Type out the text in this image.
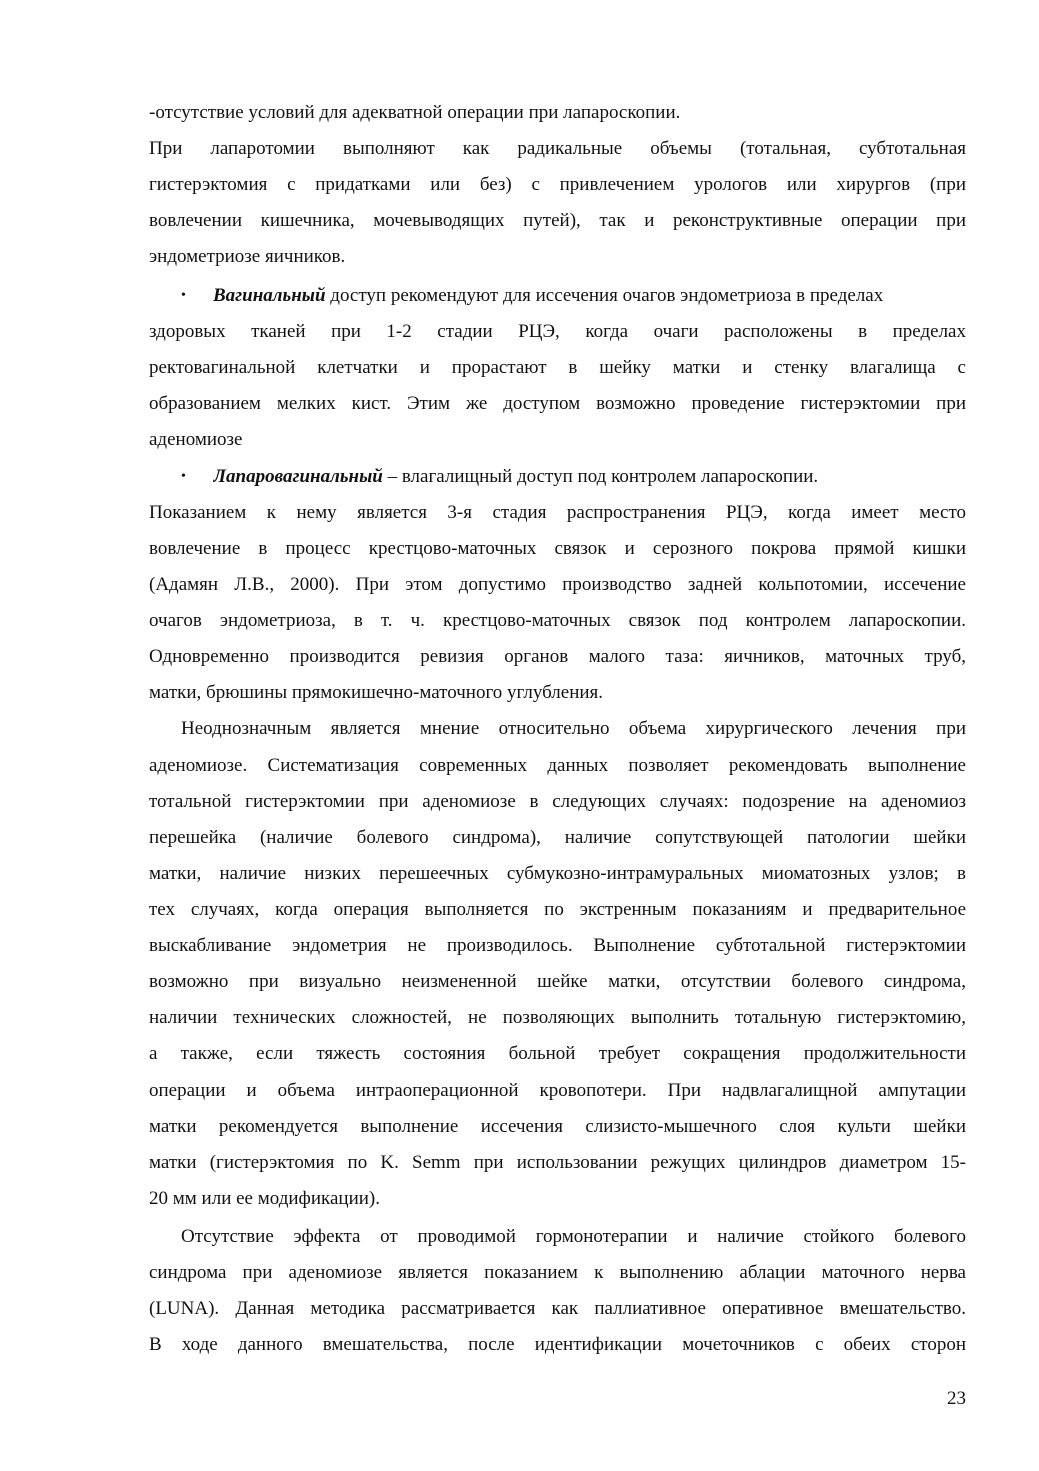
-отсутствие условий для адекватной операции при лапароскопии.
При лапаротомии выполняют как радикальные объемы (тотальная, субтотальная
гистерэктомия с придатками или без) с привлечением урологов или хирургов (при
вовлечении кишечника, мочевыводящих путей), так и реконструктивные операции при
эндометриозе яичников.
• Вагинальный доступ рекомендуют для иссечения очагов эндометриоза в пределах
здоровых тканей при 1-2 стадии РЦЭ, когда очаги расположены в пределах
ректовагинальной клетчатки и прорастают в шейку матки и стенку влагалища с
образованием мелких кист. Этим же доступом возможно проведение гистерэктомии при
аденомиозе
• Лапаровагинальный – влагалищный доступ под контролем лапароскопии.
Показанием к нему является 3-я стадия распространения РЦЭ, когда имеет место
вовлечение в процесс крестцово-маточных связок и серозного покрова прямой кишки
(Адамян Л.В., 2000). При этом допустимо производство задней кольпотомии, иссечение
очагов эндометриоза, в т. ч. крестцово-маточных связок под контролем лапароскопии.
Одновременно производится ревизия органов малого таза: яичников, маточных труб,
матки, брюшины прямокишечно-маточного углубления.
Неоднозначным является мнение относительно объема хирургического лечения при
аденомиозе. Систематизация современных данных позволяет рекомендовать выполнение
тотальной гистерэктомии при аденомиозе в следующих случаях: подозрение на аденомиоз
перешейка (наличие болевого синдрома), наличие сопутствующей патологии шейки
матки, наличие низких перешеечных субмукозно-интрамуральных миоматозных узлов; в
тех случаях, когда операция выполняется по экстренным показаниям и предварительное
выскабливание эндометрия не производилось. Выполнение субтотальной гистерэктомии
возможно при визуально неизмененной шейке матки, отсутствии болевого синдрома,
наличии технических сложностей, не позволяющих выполнить тотальную гистерэктомию,
а также, если тяжесть состояния больной требует сокращения продолжительности
операции и объема интраоперационной кровопотери. При надвлагалищной ампутации
матки рекомендуется выполнение иссечения слизисто-мышечного слоя культи шейки
матки (гистерэктомия по K. Semm при использовании режущих цилиндров диаметром 15-
20 мм или ее модификации).
Отсутствие эффекта от проводимой гормонотерапии и наличие стойкого болевого
синдрома при аденомиозе является показанием к выполнению аблации маточного нерва
(LUNA). Данная методика рассматривается как паллиативное оперативное вмешательство.
В ходе данного вмешательства, после идентификации мочеточников с обеих сторон
23
